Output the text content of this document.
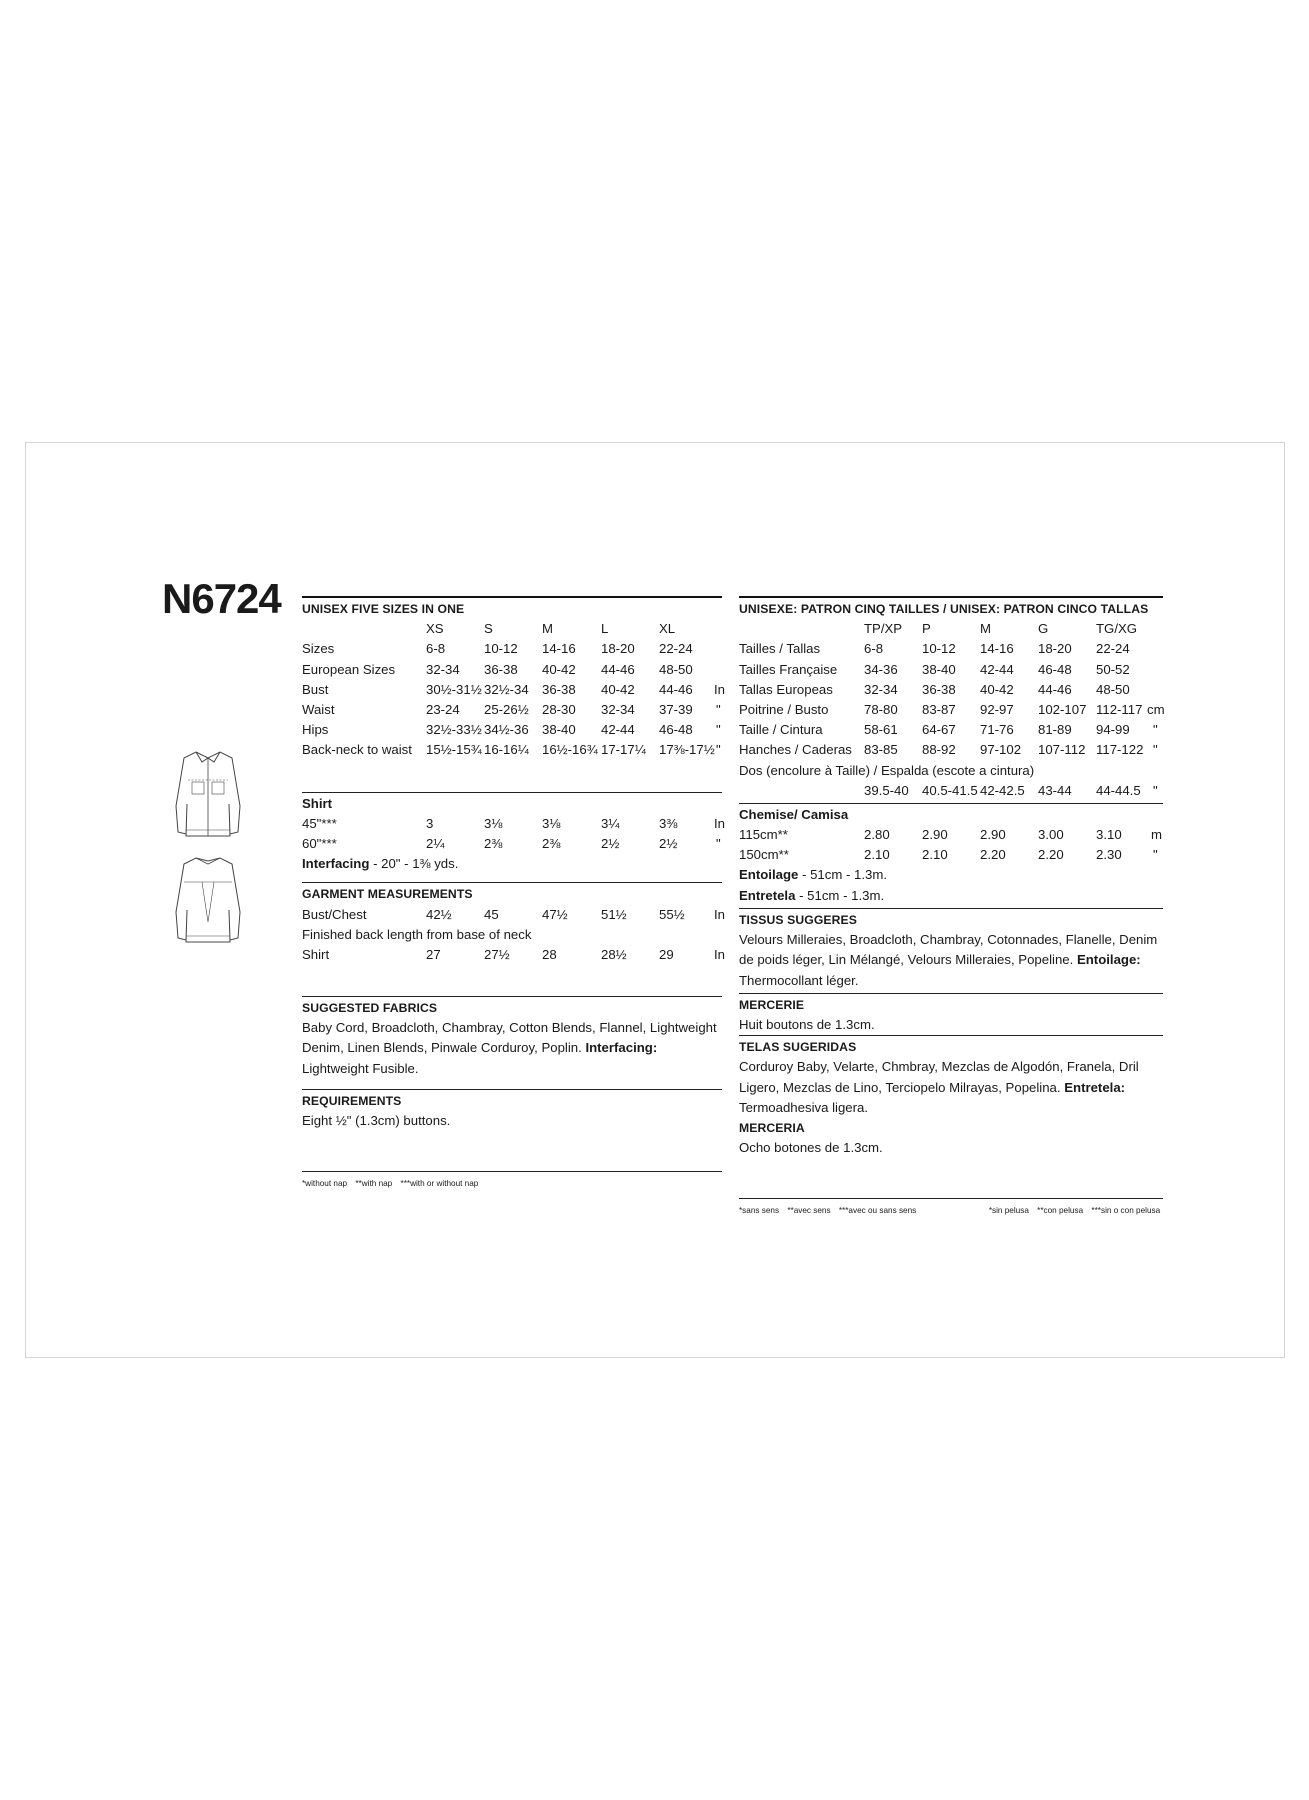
N6724 UNISEX FIVE SIZES IN ONE
XS	S	M	L	XL
Sizes	6-8	10-12 14-16 18-20 22-24
European Sizes 32-34 36-38 40-42 44-46 48-50
Bust	30½-31½ 32½-34 36-38 40-42 44-46 In
Waist	23-24 25-26½ 28-30 32-34 37-39 "
Hips	32½-33½ 34½-36 38-40 42-44 46-48 "
Back-neck to waist 15½-15¾ 16-16¼ 16½-16¾ 17-17¼ 17⅜-17½ "
Shirt
45"***	3	3⅛	3⅛	3¼	3⅜	In
60"***	2¼	2⅜	2⅜	2½	2½	"
Interfacing - 20" - 1⅜ yds.
GARMENT MEASUREMENTS
Bust/Chest	42½ 45	47½	51½ 55½ In
Finished back length from base of neck
Shirt	27	27½ 28	28½ 29	In
SUGGESTED FABRICS
Baby Cord, Broadcloth, Chambray, Cotton Blends, Flannel, Lightweight Denim, Linen Blends, Pinwale Corduroy, Poplin. Interfacing: Lightweight Fusible.
REQUIREMENTS
Eight ½" (1.3cm) buttons.
*without nap **with nap ***with or without nap
UNISEXE: PATRON CINQ TAILLES / UNISEX: PATRON CINCO TALLAS
TP/XP P	M	G	TG/XG
Tailles / Tallas	6-8	10-12 14-16 18-20 22-24
Tailles Française 34-36 38-40 42-44 46-48 50-52
Tallas Europeas 32-34 36-38 40-42 44-46 48-50
Poitrine / Busto	78-80 83-87 92-97 102-107 112-117 cm
Taille / Cintura	58-61 64-67 71-76 81-89 94-99 "
Hanches / Caderas 83-85 88-92 97-102 107-112 117-122 "
Dos (encolure à Taille) / Espalda (escote a cintura)
39.5-40 40.5-41.5 42-42.5 43-44 44-44.5 "
Chemise/ Camisa
115cm**	2.80 2.90 2.90 3.00 3.10 m
150cm**	2.10 2.10 2.20 2.20 2.30 "
Entoilage - 51cm - 1.3m.
Entretela - 51cm - 1.3m.
TISSUS SUGGERES
Velours Milleraies, Broadcloth, Chambray, Cotonnades, Flanelle, Denim de poids léger, Lin Mélangé, Velours Milleraies, Popeline. Entoilage: Thermocollant léger.
MERCERIE
Huit boutons de 1.3cm.
TELAS SUGERIDAS
Corduroy Baby, Velarte, Chmbray, Mezclas de Algodón, Franela, Dril Ligero, Mezclas de Lino, Terciopelo Milrayas, Popelina. Entretela: Termoadhesiva ligera.
MERCERIA
Ocho botones de 1.3cm.
*sans sens **avec sens ***avec ou sans sens	*sin pelusa **con pelusa ***sin o con pelusa
